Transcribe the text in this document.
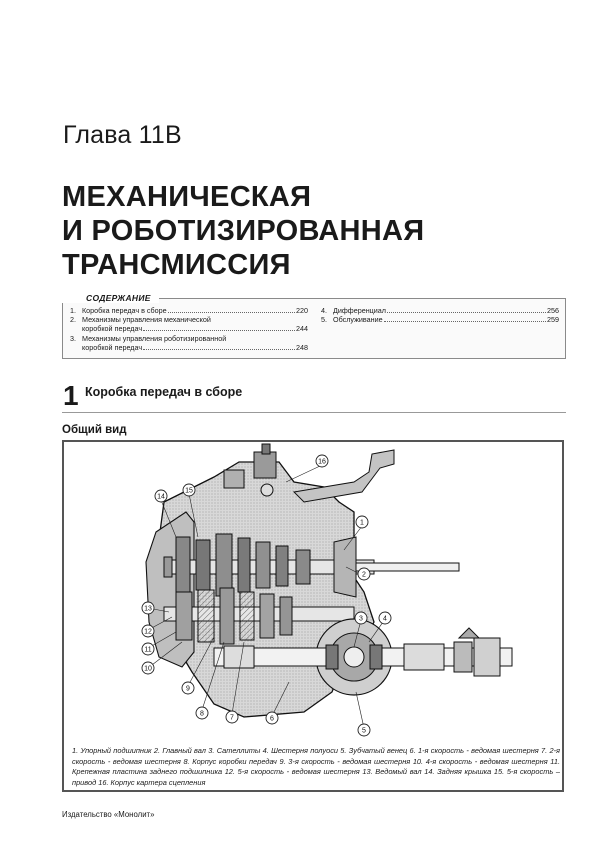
Глава 11В
МЕХАНИЧЕСКАЯ
И РОБОТИЗИРОВАННАЯ
ТРАНСМИССИЯ
СОДЕРЖАНИЕ
1. Коробка передач в сборе	220
2. Механизмы управления механической
коробкой передач	244
3. Механизмы управления роботизированной
коробкой передач	248
4. Дифференциал	256
5. Обслуживание	259
1 Коробка передач в сборе
Общий вид
1
2
3	4
5
6
7
8
9
10
11
12
13
14
15
16
1. Упорный подшипник 2. Главный вал 3. Сателлиты 4. Шестерня полуоси 5. Зубчатый венец 6. 1-я скорость - ведомая шестерня 7. 2-я скорость - ведомая шестерня 8. Корпус коробки передач 9. 3-я скорость - ведомая шестерня 10. 4-я скорость - ведомая шестерня 11. Крепежная пластина заднего подшипника 12. 5-я скорость - ведомая шестерня 13. Ведомый вал 14. Задняя крышка 15. 5-я скорость – привод 16. Корпус картера сцепления
Издательство «Монолит»
